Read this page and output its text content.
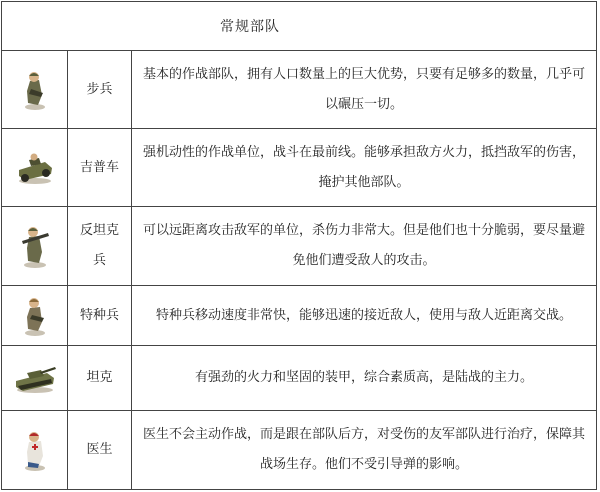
常规部队
步兵
基本的作战部队，拥有人口数量上的巨大优势，只要有足够多的数量，几乎可以碾压一切。
吉普车
强机动性的作战单位，战斗在最前线。能够承担敌方火力，抵挡敌军的伤害，掩护其他部队。
反坦克兵
可以远距离攻击敌军的单位，杀伤力非常大。但是他们也十分脆弱，要尽量避免他们遭受敌人的攻击。
特种兵	特种兵移动速度非常快，能够迅速的接近敌人，使用与敌人近距离交战。
坦克	有强劲的火力和坚固的装甲，综合素质高，是陆战的主力。
医生
医生不会主动作战，而是跟在部队后方，对受伤的友军部队进行治疗，保障其战场生存。他们不受引导弹的影响。
